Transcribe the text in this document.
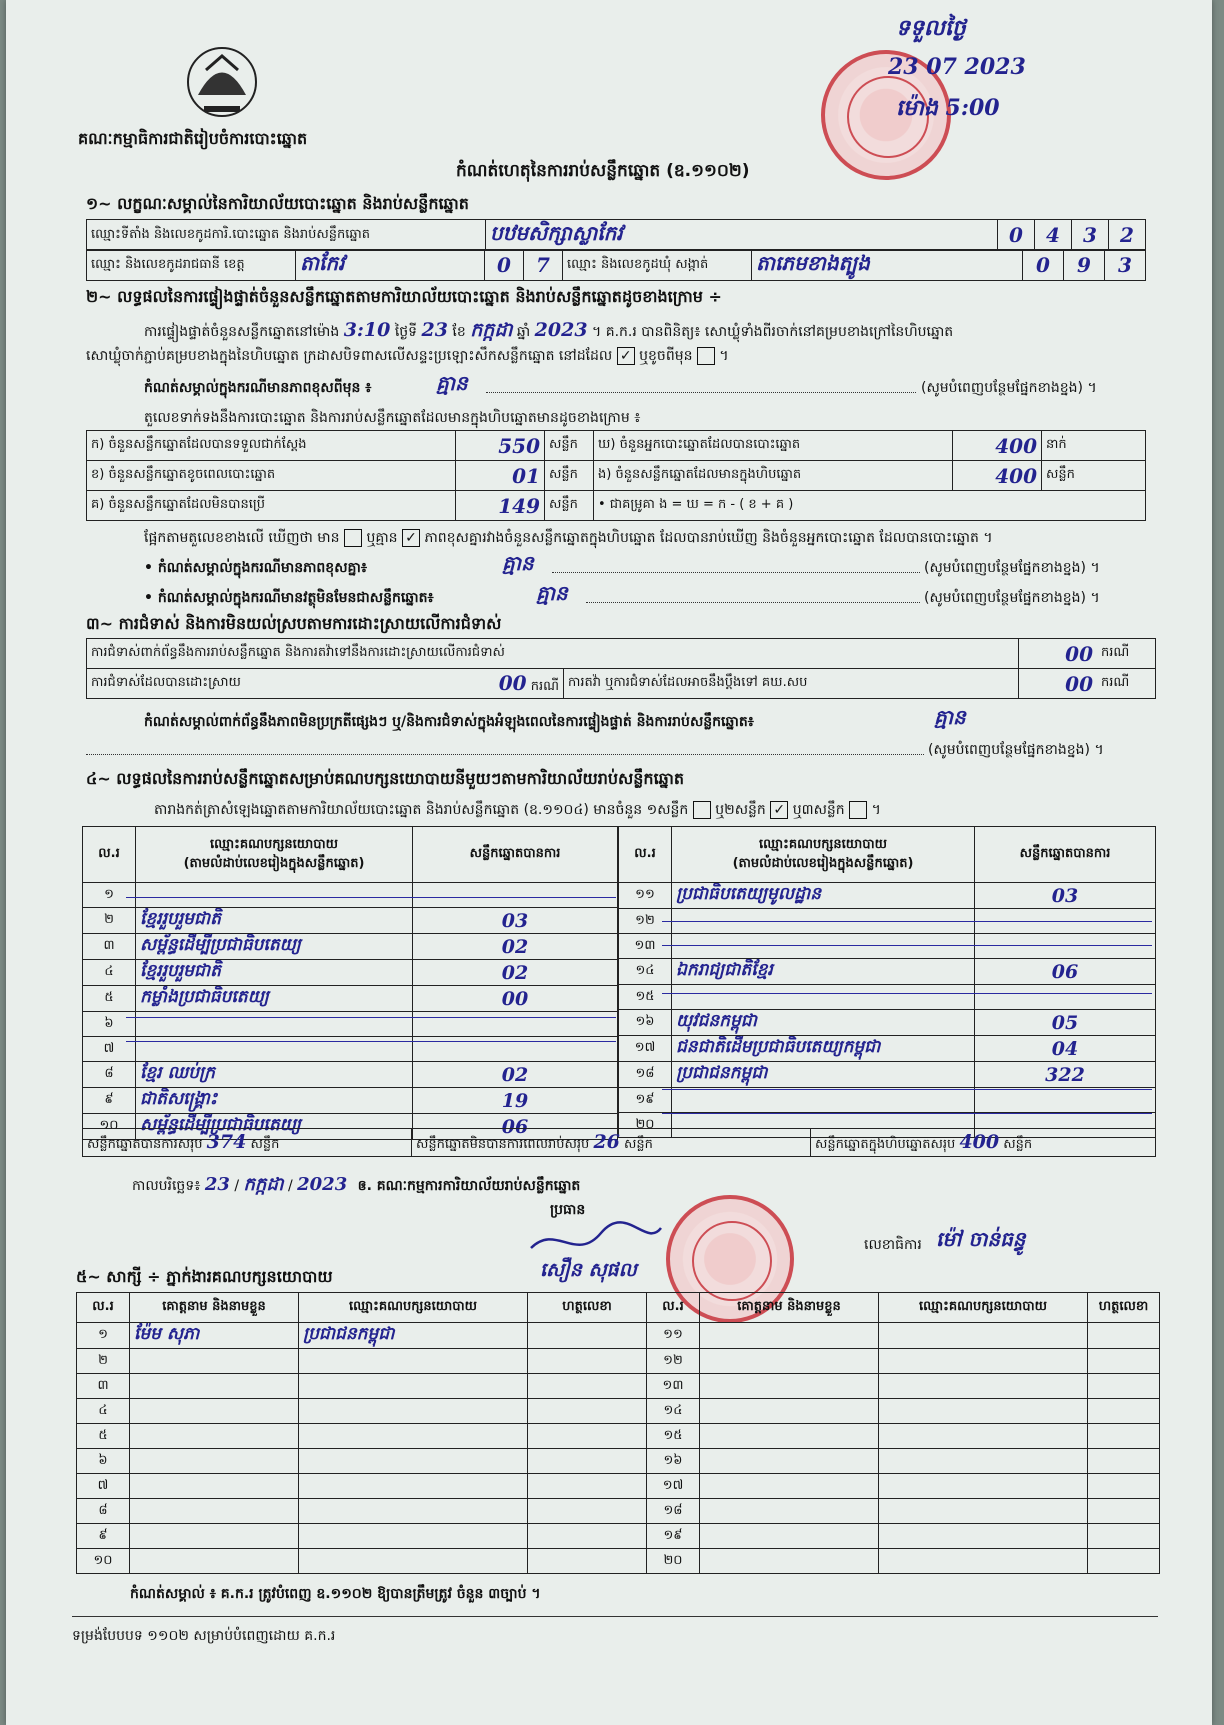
គណៈកម្មាធិការជាតិរៀបចំការបោះឆ្នោត
កំណត់ហេតុនៃការរាប់សន្លឹកឆ្នោត (ឧ.១១០២)
ទទួលថ្ងៃ
23 07 2023
ម៉ោង 5:00
១~ លក្ខណៈសម្គាល់នៃការិយាល័យបោះឆ្នោត និងរាប់សន្លឹកឆ្នោត
ឈ្មោះទីតាំង និងលេខកូដការិ.បោះឆ្នោត និងរាប់សន្លឹកឆ្នោត	បឋមសិក្សាស្លាកែវ	0	4	3	2
ឈ្មោះ និងលេខកូដរាជធានី ខេត្ត	តាកែវ	0	7	ឈ្មោះ និងលេខកូដឃុំ សង្កាត់	តាភេមខាងត្បូង	0	9	3
២~ លទ្ធផលនៃការផ្ទៀងផ្ទាត់ចំនួនសន្លឹកឆ្នោតតាមការិយាល័យបោះឆ្នោត និងរាប់សន្លឹកឆ្នោតដូចខាងក្រោម ÷
ការផ្ទៀងផ្ទាត់ចំនួនសន្លឹកឆ្នោតនៅម៉ោង 3:10 ថ្ងៃទី 23 ខែ កក្កដា ឆ្នាំ 2023 ។ គ.ក.រ បានពិនិត្យ៖ សោឃ្លុំទាំងពីរចាក់នៅគម្របខាងក្រៅនៃហិបឆ្នោត
សោឃ្លុំចាក់ភ្ជាប់គម្របខាងក្នុងនៃហិបឆ្នោត ក្រដាសបិទពាសលើសន្ទះប្រឡោះសឹកសន្លឹកឆ្នោត នៅដដែល ✓ ឬខូចពីមុន  ។
កំណត់សម្គាល់ក្នុងករណីមានភាពខុសពីមុន ៖	គ្មាន	(សូមបំពេញបន្ថែមផ្នែកខាងខ្នង) ។
តួលេខទាក់ទងនឹងការបោះឆ្នោត និងការរាប់សន្លឹកឆ្នោតដែលមានក្នុងហិបឆ្នោតមានដូចខាងក្រោម ៖
ក) ចំនួនសន្លឹកឆ្នោតដែលបានទទួលជាក់ស្តែង	550	សន្លឹក	ឃ) ចំនួនអ្នកបោះឆ្នោតដែលបានបោះឆ្នោត	400	នាក់
ខ) ចំនួនសន្លឹកឆ្នោតខូចពេលបោះឆ្នោត	01	សន្លឹក	ង) ចំនួនសន្លឹកឆ្នោតដែលមានក្នុងហិបឆ្នោត	400	សន្លឹក
គ) ចំនួនសន្លឹកឆ្នោតដែលមិនបានប្រើ	149	សន្លឹក	• ជាគម្រូគា ង = ឃ = ក - ( ខ + គ )		
ផ្អែកតាមតួលេខខាងលើ ឃើញថា មាន ឬគ្មាន ✓ ភាពខុសគ្នារវាងចំនួនសន្លឹកឆ្នោតក្នុងហិបឆ្នោត ដែលបានរាប់ឃើញ និងចំនួនអ្នកបោះឆ្នោត ដែលបានបោះឆ្នោត ។
• កំណត់សម្គាល់ក្នុងករណីមានភាពខុសគ្នា៖	គ្មាន	(សូមបំពេញបន្ថែមផ្នែកខាងខ្នង) ។
• កំណត់សម្គាល់ក្នុងករណីមានវត្ថុមិនមែនជាសន្លឹកឆ្នោត៖	គ្មាន	(សូមបំពេញបន្ថែមផ្នែកខាងខ្នង) ។
៣~ ការជំទាស់ និងការមិនយល់ស្របតាមការដោះស្រាយលើការជំទាស់
ការជំទាស់ពាក់ព័ន្ធនឹងការរាប់សន្លឹកឆ្នោត និងការតវ៉ាទៅនឹងការដោះស្រាយលើការជំទាស់			00	ករណី
ការជំទាស់ដែលបានដោះស្រាយ	00 ករណី	ការតវ៉ា ឬការជំទាស់ដែលអាចនឹងប្តឹងទៅ គឃ.សប	00	ករណី
កំណត់សម្គាល់ពាក់ព័ន្ធនឹងភាពមិនប្រក្រតីផ្សេងៗ ឬ/និងការជំទាស់ក្នុងអំឡុងពេលនៃការផ្ទៀងផ្ទាត់ និងការរាប់សន្លឹកឆ្នោត៖	គ្មាន
(សូមបំពេញបន្ថែមផ្នែកខាងខ្នង) ។
៤~ លទ្ធផលនៃការរាប់សន្លឹកឆ្នោតសម្រាប់គណបក្សនយោបាយនីមួយៗតាមការិយាល័យរាប់សន្លឹកឆ្នោត
តារាងកត់ត្រាសំឡេងឆ្នោតតាមការិយាល័យបោះឆ្នោត និងរាប់សន្លឹកឆ្នោត (ឧ.១១០៤) មានចំនួន ១សន្លឹក ឬ២សន្លឹក ✓ ឬ៣សន្លឹក  ។
ល.រ	ឈ្មោះគណបក្សនយោបាយ
(តាមលំដាប់លេខរៀងក្នុងសន្លឹកឆ្នោត)	សន្លឹកឆ្នោតបានការ
១		
២	ខ្មែររួបរួមជាតិ	03
៣	សម្ព័ន្ធដើម្បីប្រជាធិបតេយ្យ	02
៤	ខ្មែររួបរួមជាតិ	02
៥	កម្លាំងប្រជាធិបតេយ្យ	00
៦		
៧		
៨	ខ្មែរ ឈប់ក្រ	02
៩	ជាតិសង្គ្រោះ	19
១០	សម្ព័ន្ធដើម្បីប្រជាធិបតេយ្យ	06
ល.រ	ឈ្មោះគណបក្សនយោបាយ
(តាមលំដាប់លេខរៀងក្នុងសន្លឹកឆ្នោត)	សន្លឹកឆ្នោតបានការ
១១	ប្រជាធិបតេយ្យមូលដ្ឋាន	03
១២		
១៣		
១៤	ឯករាជ្យជាតិខ្មែរ	06
១៥		
១៦	យុវជនកម្ពុជា	05
១៧	ជនជាតិដើមប្រជាធិបតេយ្យកម្ពុជា	04
១៨	ប្រជាជនកម្ពុជា	322
១៩		
២០		
សន្លឹកឆ្នោតបានការសរុប 374 សន្លឹក	សន្លឹកឆ្នោតមិនបានការពេលរាប់សរុប 26 សន្លឹក	សន្លឹកឆ្នោតក្នុងហិបឆ្នោតសរុប 400 សន្លឹក
កាលបរិច្ឆេទ៖ 23 / កក្កដា / 2023 ឲ. គណៈកម្មការការិយាល័យរាប់សន្លឹកឆ្នោត
ប្រធាន
សឿន សុផល
លេខាធិការ ម៉ៅ ចាន់ធន្ធូ
៥~ សាក្សី ÷ ភ្នាក់ងារគណបក្សនយោបាយ
ល.រ	គោត្តនាម និងនាមខ្លួន	ឈ្មោះគណបក្សនយោបាយ	ហត្ថលេខា	ល.រ	គោត្តនាម និងនាមខ្លួន	ឈ្មោះគណបក្សនយោបាយ	ហត្ថលេខា
១	ម៉ែម សុភា	ប្រជាជនកម្ពុជា		១១			
២				១២			
៣				១៣			
៤				១៤			
៥				១៥			
៦				១៦			
៧				១៧			
៨				១៨			
៩				១៩			
១០				២០			
កំណត់សម្គាល់ ៖ គ.ក.រ ត្រូវបំពេញ ឧ.១១០២ ឱ្យបានត្រឹមត្រូវ ចំនួន ៣ច្បាប់ ។
ទម្រង់បែបបទ ១១០២ សម្រាប់បំពេញដោយ គ.ក.រ
